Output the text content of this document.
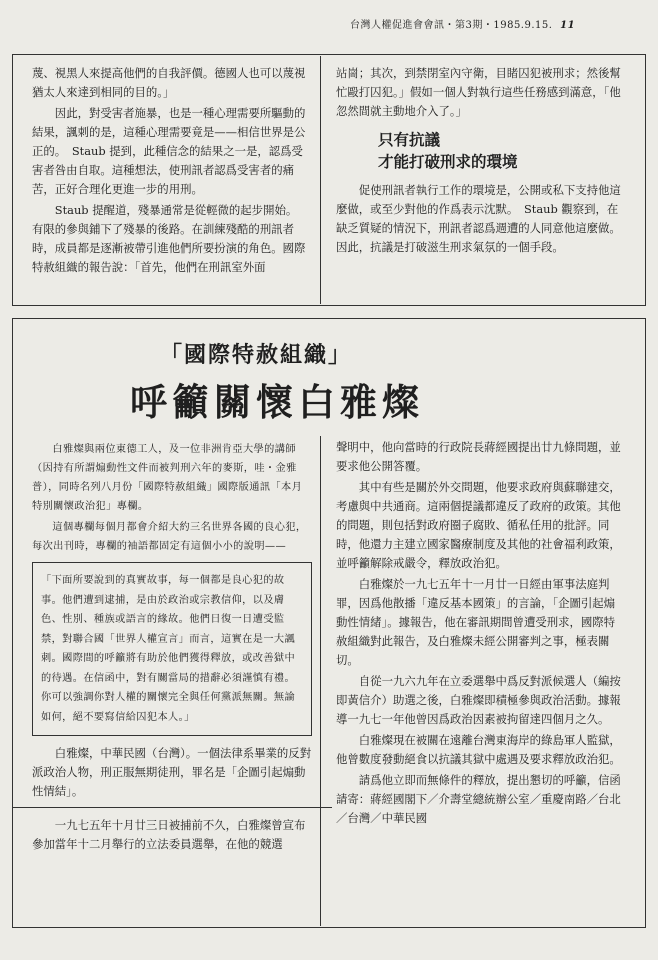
台灣人權促進會會訊・第3期・1985.9.15. 11

蔑、視黑人來提高他們的自我評價。德國人也可以蔑視猶太人來達到相同的目的。」

因此，對受害者施暴，也是一種心理需要所驅動的結果，諷刺的是，這種心理需要竟是——相信世界是公正的。　Staub 提到，此種信念的結果之一是，認爲受害者咎由自取。這種想法，使刑訊者認爲受害者的痛苦，正好合理化更進一步的用刑。

Staub 提醒道，殘暴通常是從輕微的起步開始。有限的參與鋪下了殘暴的後路。在訓練殘酷的刑訊者時，成員都是逐漸被帶引進他們所要扮演的角色。國際特赦組織的報告說：「首先，他們在刑訊室外面

站崗；其次，到禁閉室內守衛，目睹囚犯被刑求；然後幫忙毆打囚犯。」假如一個人對執行這些任務感到滿意，「他忽然間就主動地介入了。」

只有抗議
才能打破刑求的環境

促使刑訊者執行工作的環境是，公開或私下支持他這麼做，或至少對他的作爲表示沈默。　Staub 觀察到，在缺乏質疑的情況下，刑訊者認爲週遭的人同意他這麼做。因此，抗議是打破滋生刑求氣氛的一個手段。

「國際特赦組織」
呼籲關懷白雅燦

白雅燦與兩位東德工人，及一位非洲肯亞大學的講師（因持有所謂煽動性文件而被判刑六年的麥斯，哇・金雅普），同時名列八月份「國際特赦組織」國際版通訊「本月特別關懷政治犯」專欄。

這個專欄每個月都會介紹大約三名世界各國的良心犯，每次出刊時，專欄的袖語都固定有這個小小的說明——

「下面所要說到的真實故事，每一個都是良心犯的故事。他們遭到逮捕，是由於政治或宗教信仰，以及膚色、性別、種族或語言的緣故。他們日復一日遭受監禁，對聯合國「世界人權宣言」而言，這實在是一大諷刺。國際間的呼籲將有助於他們獲得釋放，或改善獄中的待遇。在信函中，對有關當局的措辭必須謹慎有禮。你可以強調你對人權的關懷完全與任何黨派無關。無論如何，絕不要寫信給囚犯本人。」

白雅燦，中華民國（台灣）。一個法律系畢業的反對派政治人物，刑正服無期徒刑，罪名是「企圖引起煽動性情結」。

一九七五年十月廿三日被捕前不久，白雅燦曾宣布參加當年十二月舉行的立法委員選舉，在他的競選

聲明中，他向當時的行政院長蔣經國提出廿九條問題，並要求他公開答覆。

其中有些是關於外交問題，他要求政府與蘇聯建交，考慮與中共通商。這兩個提議都違反了政府的政策。其他的問題，則包括對政府圈子腐敗、循私任用的批評。同時，他還力主建立國家醫療制度及其他的社會福利政策，並呼籲解除戒嚴令，釋放政治犯。

白雅燦於一九七五年十一月廿一日經由軍事法庭判罪，因爲他散播「違反基本國策」的言論，「企圖引起煽動性情緒」。據報告，他在審訊期間曾遭受刑求，國際特赦組織對此報告，及白雅燦未經公開審判之事，極表關切。

自從一九六九年在立委選舉中爲反對派候選人（編按即黃信介）助選之後，白雅燦即積極參與政治活動。據報導一九七一年他曾因爲政治因素被拘留達四個月之久。

白雅燦現在被關在遠離台灣東海岸的綠島軍人監獄，他曾數度發動絕食以抗議其獄中處遇及要求釋放政治犯。

請爲他立即而無條件的釋放，提出懇切的呼籲，信函請寄：蔣經國閣下／介壽堂總統辦公室／重慶南路／台北／台灣／中華民國
